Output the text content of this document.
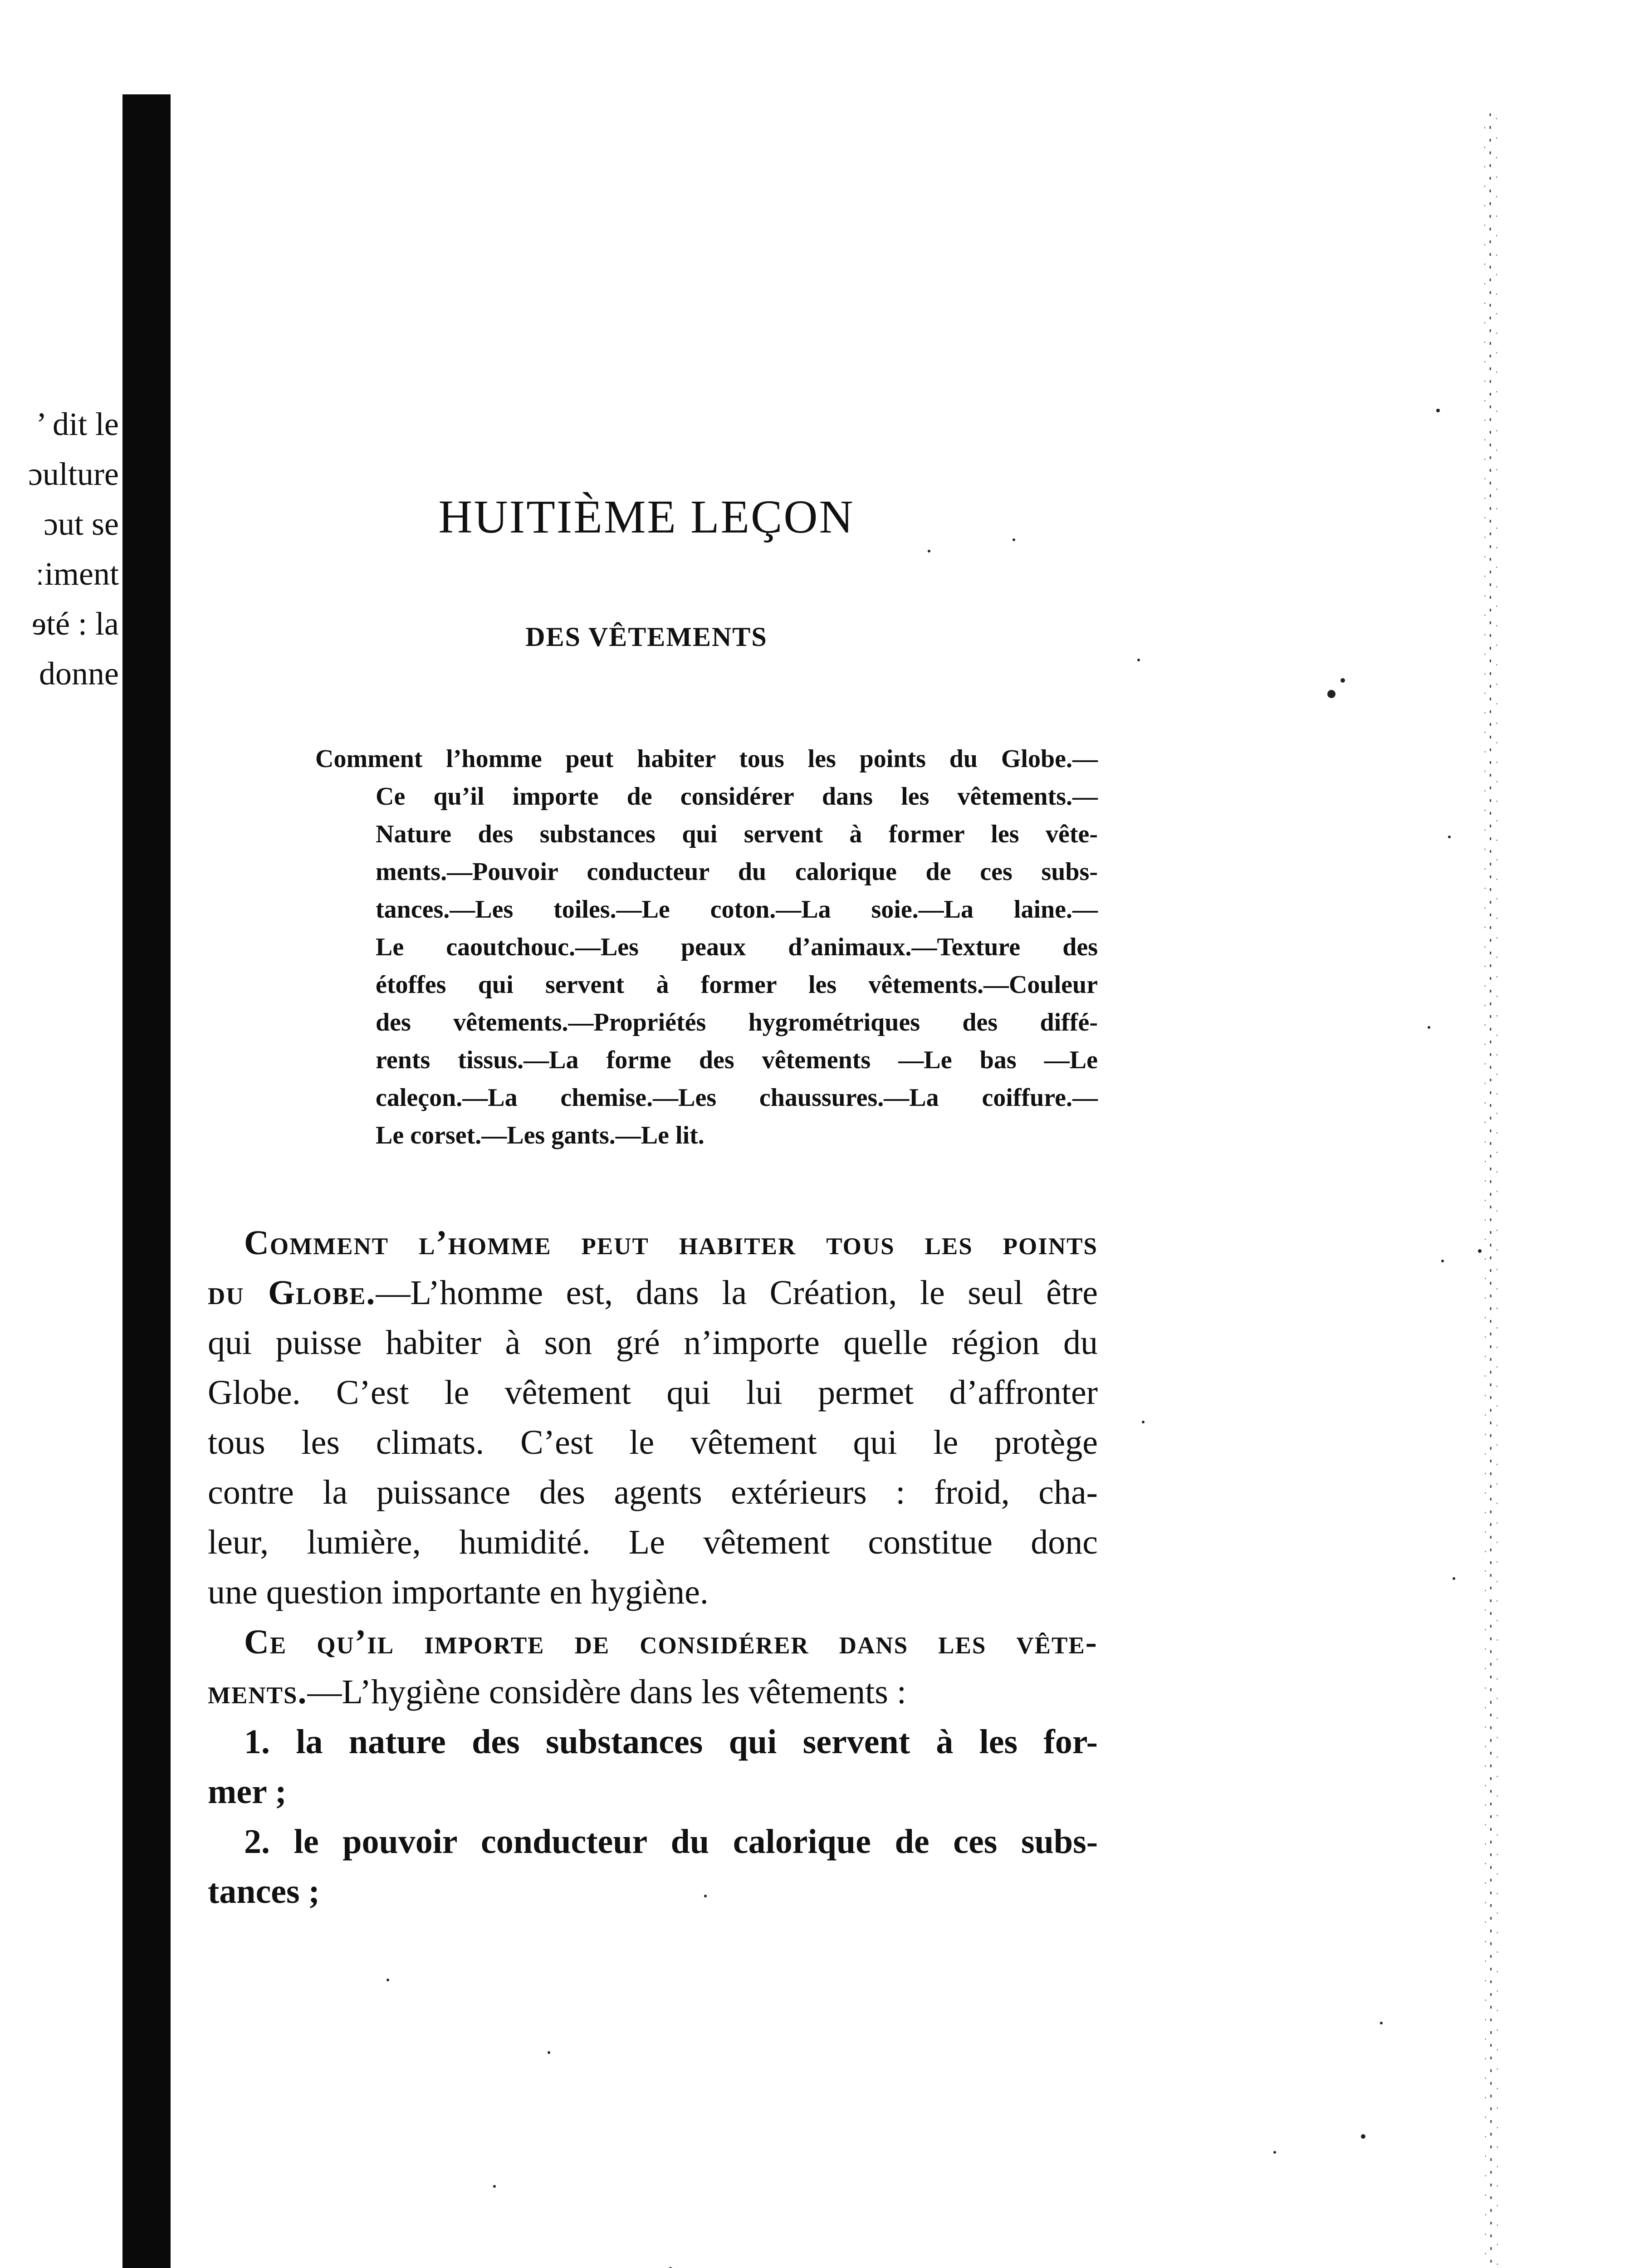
’ dit le
ɔulture
ɔut se
ːiment
ɘté : la
donne
HUITIÈME LEÇON
DES VÊTEMENTS
Comment l’homme peut habiter tous les points du Globe.—
Ce qu’il importe de considérer dans les vêtements.—
Nature des substances qui servent à former les vête-
ments.—Pouvoir conducteur du calorique de ces subs-
tances.—Les toiles.—Le coton.—La soie.—La laine.—
Le caoutchouc.—Les peaux d’animaux.—Texture des
étoffes qui servent à former les vêtements.—Couleur
des vêtements.—Propriétés hygrométriques des diffé-
rents tissus.—La forme des vêtements —Le bas —Le
caleçon.—La chemise.—Les chaussures.—La coiffure.—
Le corset.—Les gants.—Le lit.
Comment l’homme peut habiter tous les points
du Globe.—L’homme est, dans la Création, le seul être
qui puisse habiter à son gré n’importe quelle région du
Globe. C’est le vêtement qui lui permet d’affronter
tous les climats. C’est le vêtement qui le protège
contre la puissance des agents extérieurs : froid, cha-
leur, lumière, humidité. Le vêtement constitue donc
une question importante en hygiène.
Ce qu’il importe de considérer dans les vête-
ments.—L’hygiène considère dans les vêtements :
1. la nature des substances qui servent à les for-
mer ;
2. le pouvoir conducteur du calorique de ces subs-
tances ;
